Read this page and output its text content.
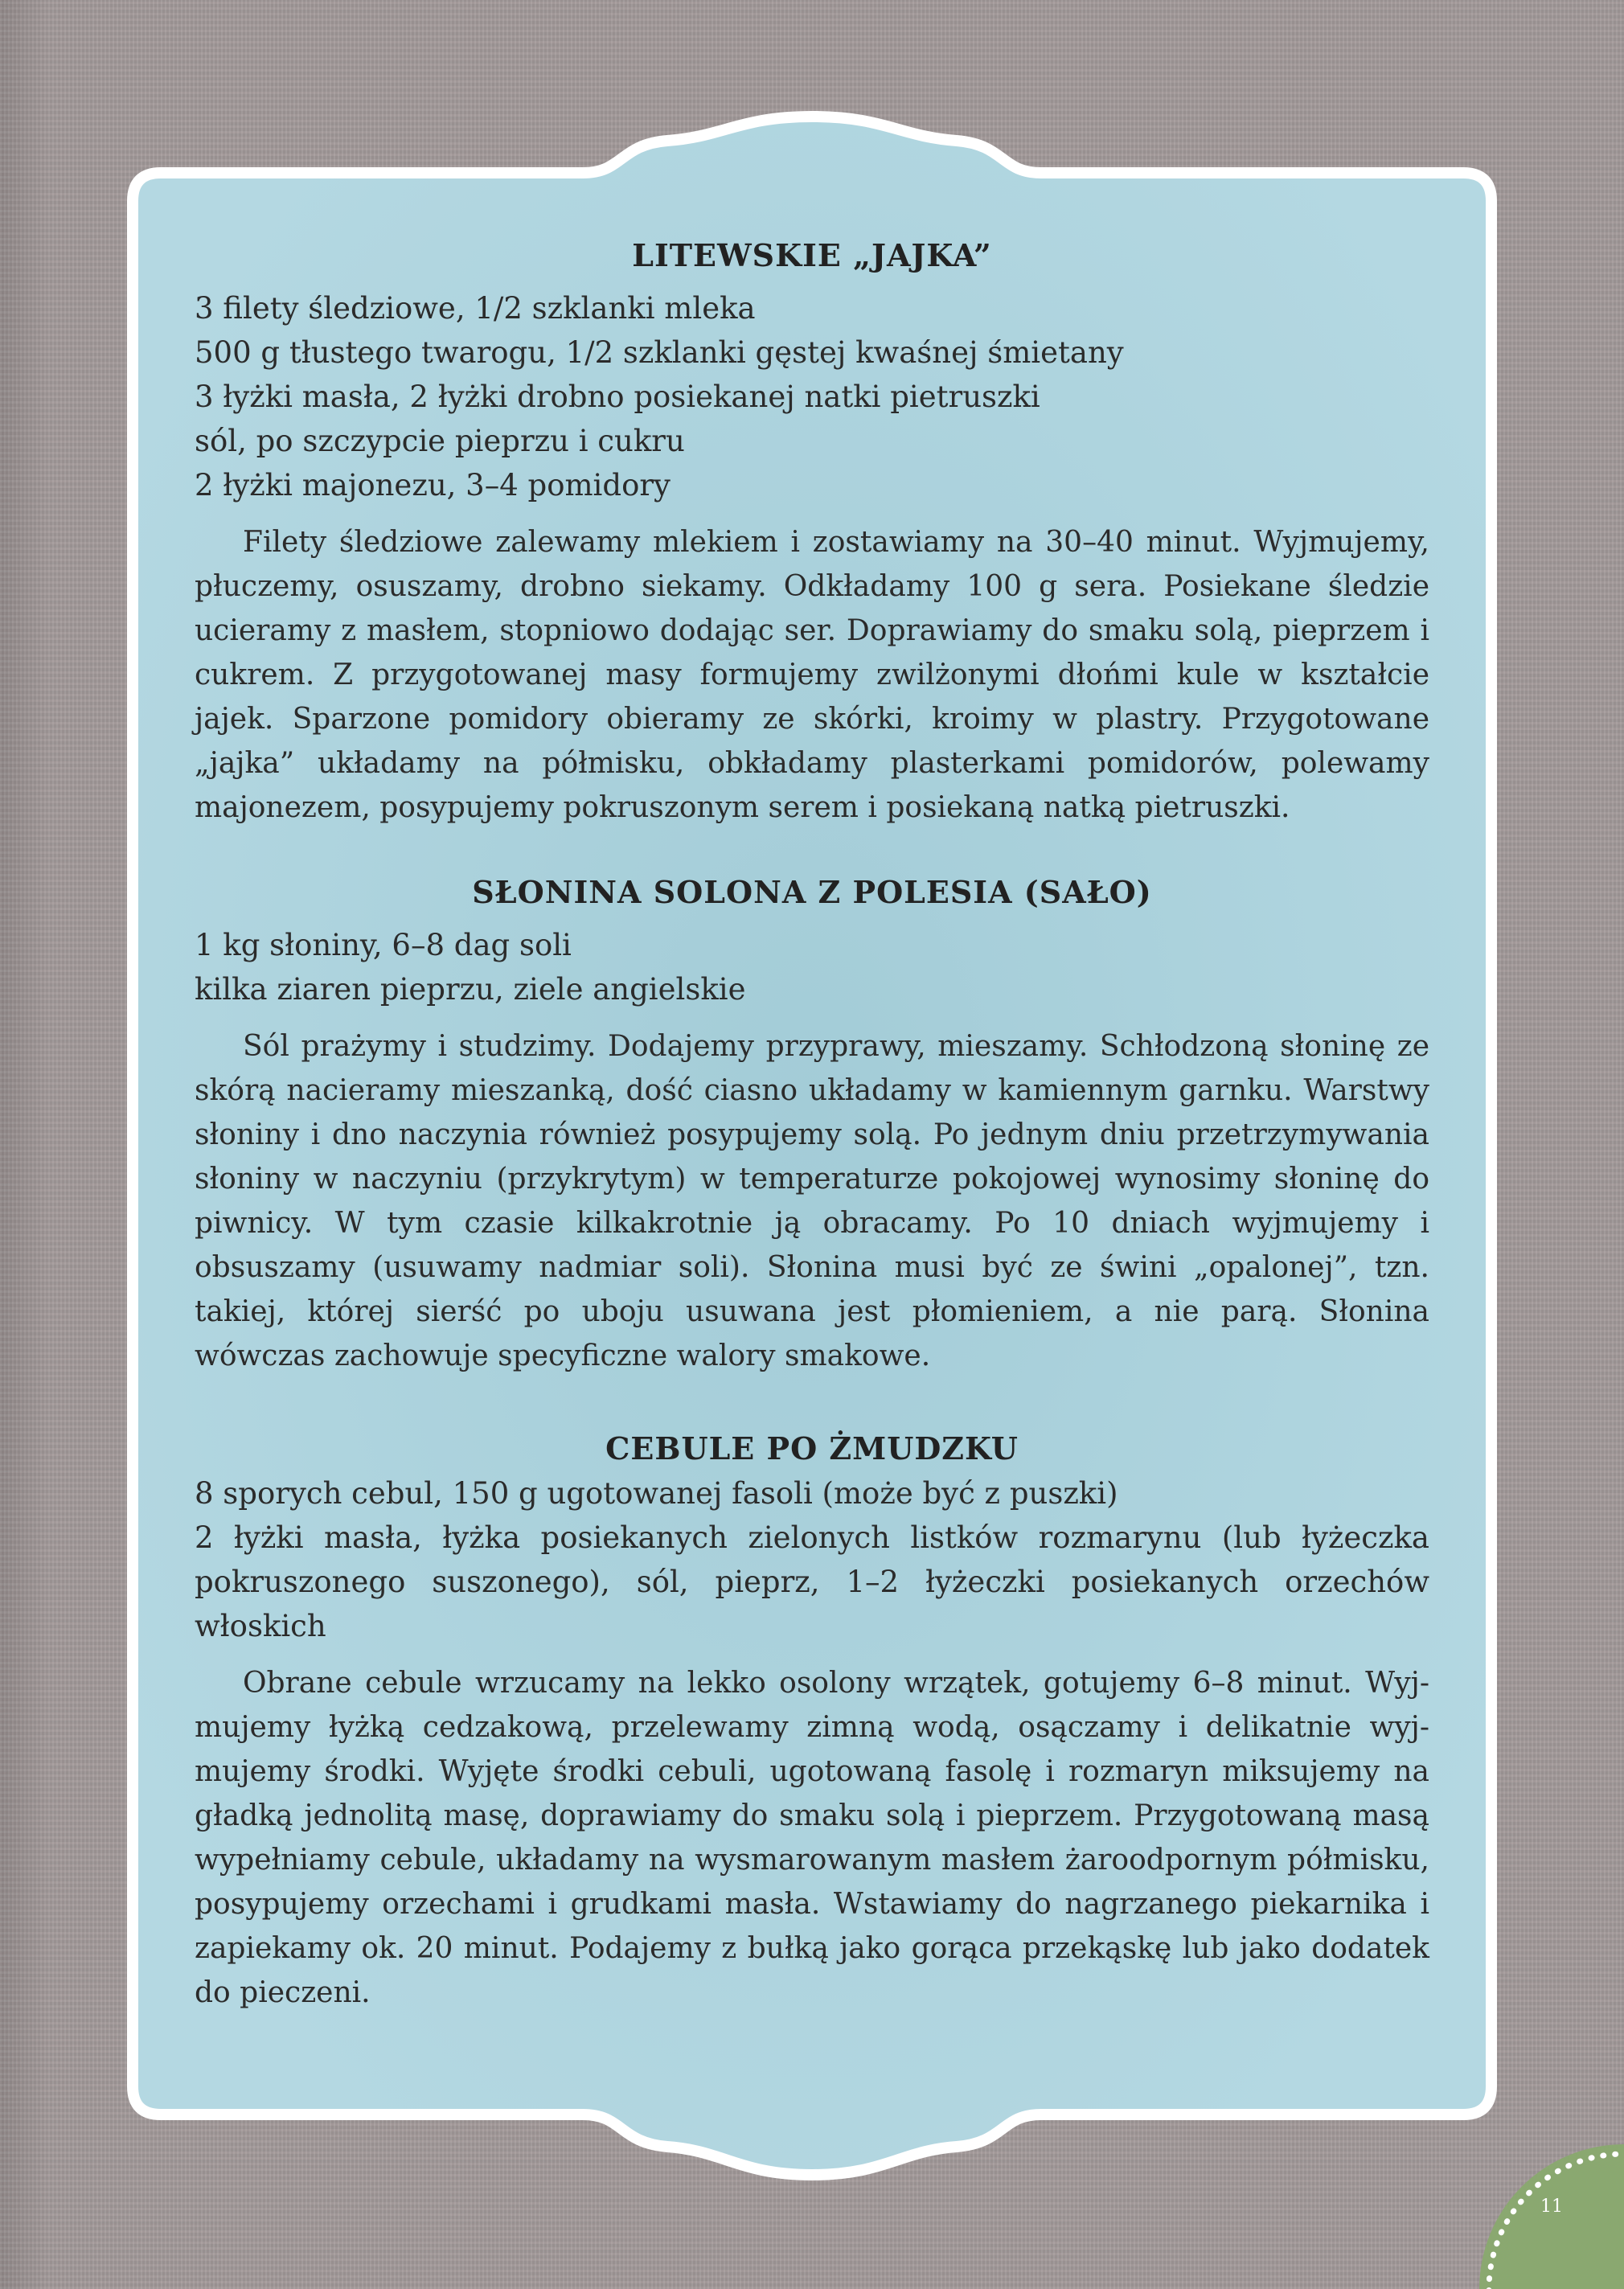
LITEWSKIE „JAJKA”
3 filety śledziowe, 1/2 szklanki mleka
500 g tłustego twarogu, 1/2 szklanki gęstej kwaśnej śmietany
3 łyżki masła, 2 łyżki drobno posiekanej natki pietruszki
sól, po szczypcie pieprzu i cukru
2 łyżki majonezu, 3–4 pomidory

Filety śledziowe zalewamy mlekiem i zostawiamy na 30–40 minut. Wyjmujemy, płuczemy, osuszamy, drobno siekamy. Odkładamy 100 g sera. Posiekane śledzie ucieramy z masłem, stopniowo dodając ser. Doprawiamy do smaku solą, pieprzem i cukrem. Z przygotowanej masy formujemy zwilżonymi dłońmi kule w kształcie jajek. Sparzone pomidory obieramy ze skórki, kroimy w plastry. Przygotowane „jajka” układamy na półmisku, obkładamy plasterkami pomidorów, polewamy majonezem, posypujemy pokruszonym serem i posiekaną natką pietruszki.

SŁONINA SOLONA Z POLESIA (SAŁO)
1 kg słoniny, 6–8 dag soli
kilka ziaren pieprzu, ziele angielskie

Sól prażymy i studzimy. Dodajemy przyprawy, mieszamy. Schłodzoną słoninę ze skórą nacieramy mieszanką, dość ciasno układamy w kamiennym garnku. Warstwy słoniny i dno naczynia również posypujemy solą. Po jednym dniu przetrzymywania słoniny w naczyniu (przykrytym) w temperaturze pokojowej wynosimy słoninę do piwnicy. W tym czasie kilkakrotnie ją obracamy. Po 10 dniach wyjmujemy i obsuszamy (usuwamy nadmiar soli). Słonina musi być ze świni „opalonej”, tzn. takiej, której sierść po uboju usuwana jest płomieniem, a nie parą. Słonina wówczas zachowuje specyficzne walory smakowe.

CEBULE PO ŻMUDZKU
8 sporych cebul, 150 g ugotowanej fasoli (może być z puszki)
2 łyżki masła, łyżka posiekanych zielonych listków rozmarynu (lub łyżeczka pokruszonego suszonego), sól, pieprz, 1–2 łyżeczki posiekanych orzechów włoskich

Obrane cebule wrzucamy na lekko osolony wrzątek, gotujemy 6–8 minut. Wyjmujemy łyżką cedzakową, przelewamy zimną wodą, osączamy i delikatnie wyjmujemy środki. Wyjęte środki cebuli, ugotowaną fasolę i rozmaryn miksujemy na gładką jednolitą masę, doprawiamy do smaku solą i pieprzem. Przygotowaną masą wypełniamy cebule, układamy na wysmarowanym masłem żaroodpornym półmisku, posypujemy orzechami i grudkami masła. Wstawiamy do nagrzanego piekarnika i zapiekamy ok. 20 minut. Podajemy z bułką jako gorąca przekąskę lub jako dodatek do pieczeni.

11
